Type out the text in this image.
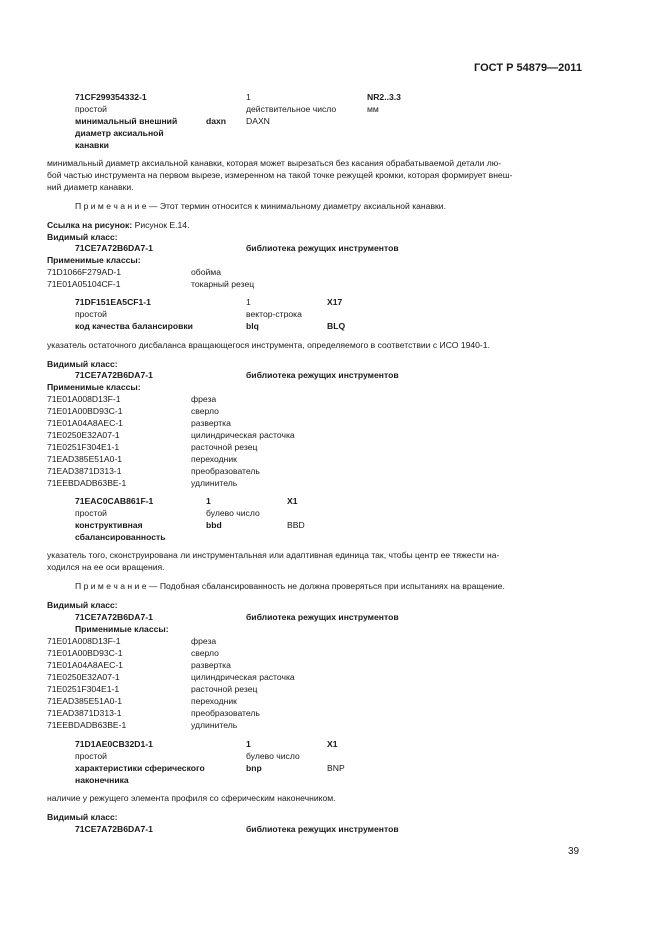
ГОСТ Р 54879—2011
71CF299354332-1	1	NR2..3.3
простой	действительное число	мм
минимальный внешний	daxn DAXN
диаметр аксиальной
канавки
минимальный диаметр аксиальной канавки, которая может вырезаться без касания обрабатываемой детали лю-
бой частью инструмента на первом вырезе, измеренном на такой точке режущей кромки, которая формирует внеш-
ний диаметр канавки.
П р и м е ч а н и е — Этот термин относится к минимальному диаметру аксиальной канавки.
Ссылка на рисунок: Рисунок Е.14.
Видимый класс:
71CE7A72B6DA7-1	библиотека режущих инструментов
Применимые классы:
71D1066F279AD-1	обойма
71E01A05104CF-1	токарный резец
71DF151EA5CF1-1	1	X17
простой	вектор-строка
код качества балансировки	blq	BLQ
указатель остаточного дисбаланса вращающегося инструмента, определяемого в соответствии с ИСО 1940-1.
Видимый класс:
71CE7A72B6DA7-1	библиотека режущих инструментов
Применимые классы:
71E01A008D13F-1	фреза
71E01A00BD93C-1	сверло
71E01A04A8AEC-1	развертка
71E0250E32A07-1	цилиндрическая расточка
71E0251F304E1-1	расточной резец
71EAD385E51A0-1	переходник
71EAD3871D313-1	преобразователь
71EEBDADB63BE-1	удлинитель
71EAC0CAB861F-1	1	X1
простой	булево число
конструктивная	bbd	BBD
сбалансированность
указатель того, сконструирована ли инструментальная или адаптивная единица так, чтобы центр ее тяжести на-
ходился на ее оси вращения.
П р и м е ч а н и е — Подобная сбалансированность не должна проверяться при испытаниях на вращение.
Видимый класс:
71CE7A72B6DA7-1	библиотека режущих инструментов
Применимые классы:
71E01A008D13F-1	фреза
71E01A00BD93C-1	сверло
71E01A04A8AEC-1	развертка
71E0250E32A07-1	цилиндрическая расточка
71E0251F304E1-1	расточной резец
71EAD385E51A0-1	переходник
71EAD3871D313-1	преобразователь
71EEBDADB63BE-1	удлинитель
71D1AE0CB32D1-1	1	X1
простой	булево число
характеристики сферического	bnp	BNP
наконечника
наличие у режущего элемента профиля со сферическим наконечником.
Видимый класс:
71CE7A72B6DA7-1	библиотека режущих инструментов
39
